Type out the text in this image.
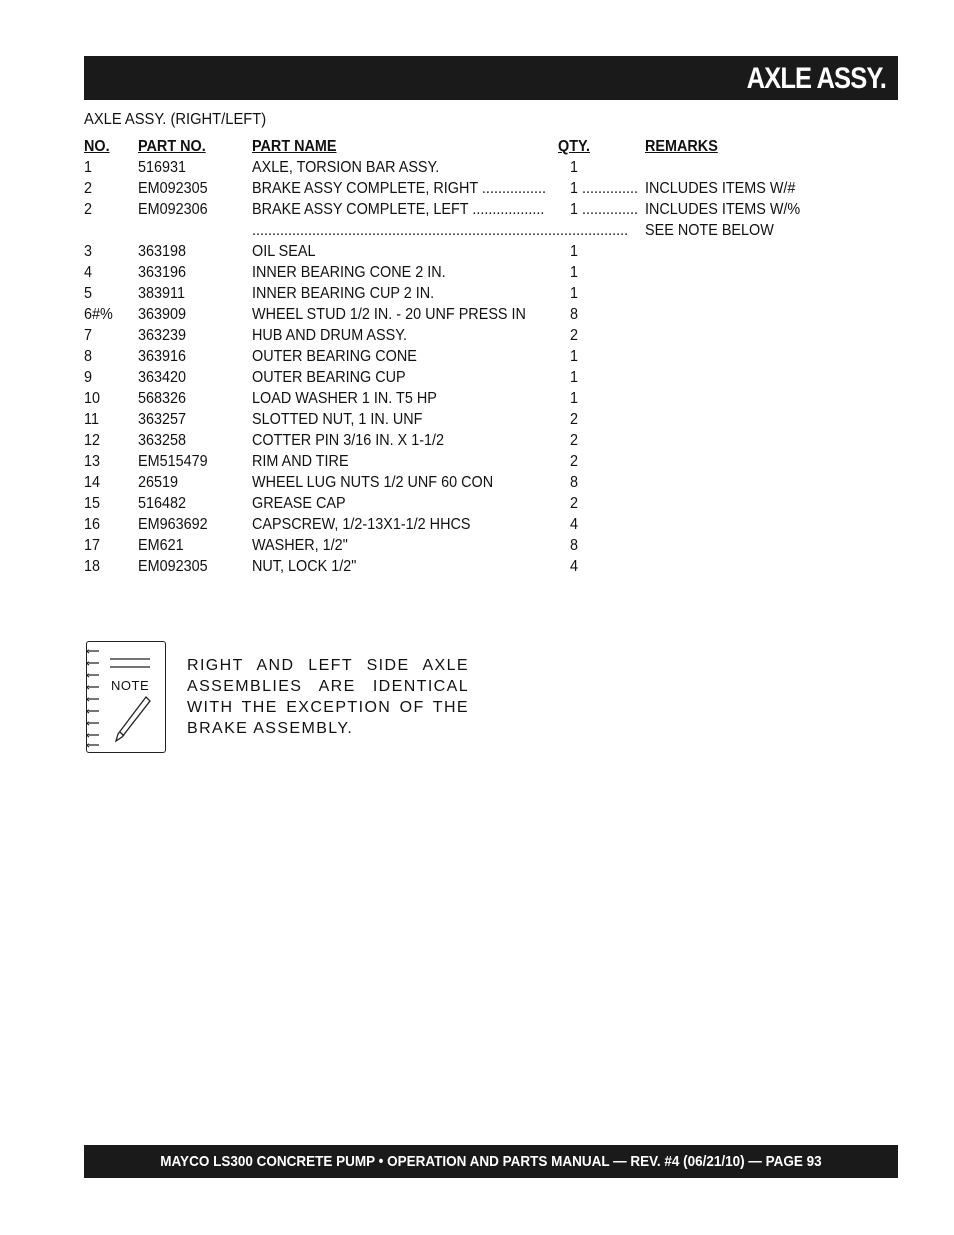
AXLE ASSY.
AXLE ASSY. (RIGHT/LEFT)
NO. PART NO.	PART NAME	QTY.	REMARKS
1	516931	AXLE, TORSION BAR ASSY.	1
2	EM092305	BRAKE ASSY COMPLETE, RIGHT ................ 1 .............. INCLUDES ITEMS W/#
2	EM092306	BRAKE ASSY COMPLETE, LEFT .................. 1 .............. INCLUDES ITEMS W/%
.............................................................................................. SEE NOTE BELOW
3	363198	OIL SEAL	1
4	363196	INNER BEARING CONE 2 IN.	1
5	383911	INNER BEARING CUP 2 IN.	1
6#% 363909	WHEEL STUD 1/2 IN. - 20 UNF PRESS IN	8
7	363239	HUB AND DRUM ASSY.	2
8	363916	OUTER BEARING CONE	1
9	363420	OUTER BEARING CUP	1
10 568326	LOAD WASHER 1 IN. T5 HP	1
11 363257	SLOTTED NUT, 1 IN. UNF	2
12 363258	COTTER PIN 3/16 IN. X 1-1/2	2
13 EM515479	RIM AND TIRE	2
14 26519	WHEEL LUG NUTS 1/2 UNF 60 CON	8
15 516482	GREASE CAP	2
16 EM963692	CAPSCREW, 1/2-13X1-1/2 HHCS	4
17 EM621	WASHER, 1/2"	8
18 EM092305	NUT, LOCK 1/2"	4
NOTE
RIGHT AND LEFT SIDE AXLE ASSEMBLIES ARE IDENTICAL WITH THE EXCEPTION OF THE BRAKE ASSEMBLY.
MAYCO LS300 CONCRETE PUMP • OPERATION AND PARTS MANUAL — REV. #4 (06/21/10) — PAGE 93
